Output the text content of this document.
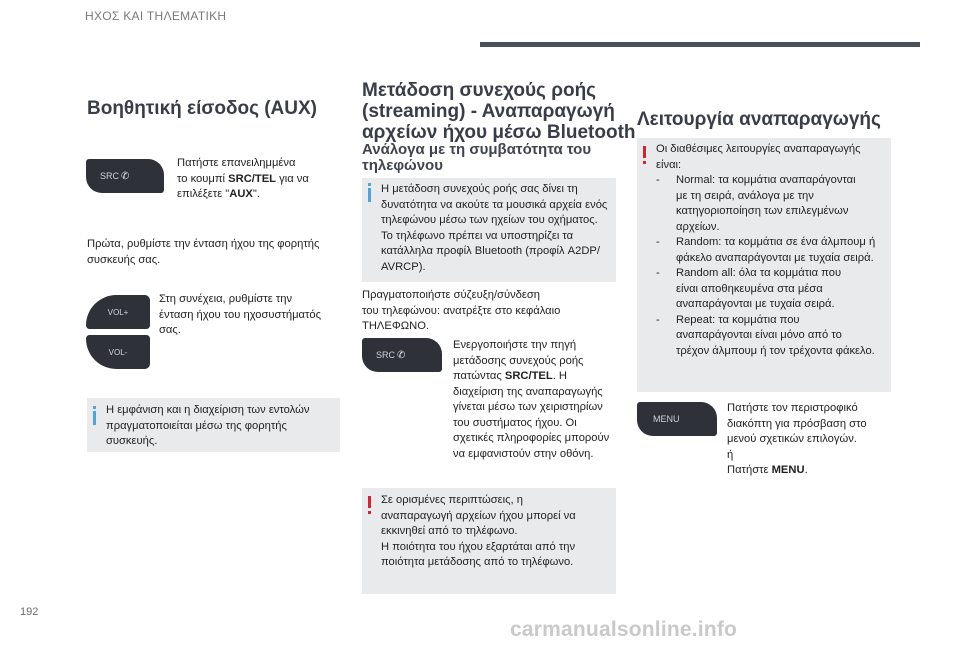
ΗΧΟΣ ΚΑΙ ΤΗΛΕΜΑΤΙΚΗ
Βοηθητική είσοδος (AUX)
SRC ✆

Πατήστε επανειλημμένα
το κουμπί SRC/TEL για να
επιλέξετε "AUX".

Πρώτα, ρυθμίστε την ένταση ήχου της φορητής
συσκευής σας.

VOL+
VOL-

Στη συνέχεια, ρυθμίστε την
ένταση ήχου του ηχοσυστήματός
σας.

Η εμφάνιση και η διαχείριση των εντολών
πραγματοποιείται μέσω της φορητής
συσκευής.

Μετάδοση συνεχούς ροής
(streaming) - Αναπαραγωγή
αρχείων ήχου μέσω Bluetooth
Ανάλογα με τη συμβατότητα του
τηλεφώνου

Η μετάδοση συνεχούς ροής σας δίνει τη
δυνατότητα να ακούτε τα μουσικά αρχεία ενός
τηλεφώνου μέσω των ηχείων του οχήματος.
Το τηλέφωνο πρέπει να υποστηρίζει τα
κατάλληλα προφίλ Bluetooth (προφίλ A2DP/
AVRCP).

Πραγματοποιήστε σύζευξη/σύνδεση
του τηλεφώνου: ανατρέξτε στο κεφάλαιο
ΤΗΛΕΦΩΝΟ.

SRC ✆

Ενεργοποιήστε την πηγή
μετάδοσης συνεχούς ροής
πατώντας SRC/TEL. Η
διαχείριση της αναπαραγωγής
γίνεται μέσω των χειριστηρίων
του συστήματος ήχου. Οι
σχετικές πληροφορίες μπορούν
να εμφανιστούν στην οθόνη.

Σε ορισμένες περιπτώσεις, η
αναπαραγωγή αρχείων ήχου μπορεί να
εκκινηθεί από το τηλέφωνο.
Η ποιότητα του ήχου εξαρτάται από την
ποιότητα μετάδοσης από το τηλέφωνο.

Λειτουργία αναπαραγωγής

Οι διαθέσιμες λειτουργίες αναπαραγωγής
είναι:

-	Normal: τα κομμάτια αναπαράγονται
με τη σειρά, ανάλογα με την
κατηγοριοποίηση των επιλεγμένων
αρχείων.
-	Random: τα κομμάτια σε ένα άλμπουμ ή
φάκελο αναπαράγονται με τυχαία σειρά.
-	Random all: όλα τα κομμάτια που
είναι αποθηκευμένα στα μέσα
αναπαράγονται με τυχαία σειρά.
-	Repeat: τα κομμάτια που
αναπαράγονται είναι μόνο από το
τρέχον άλμπουμ ή τον τρέχοντα φάκελο.
MENU

Πατήστε τον περιστροφικό
διακόπτη για πρόσβαση στο
μενού σχετικών επιλογών.
ή
Πατήστε MENU.

192
carmanualsonline.info
